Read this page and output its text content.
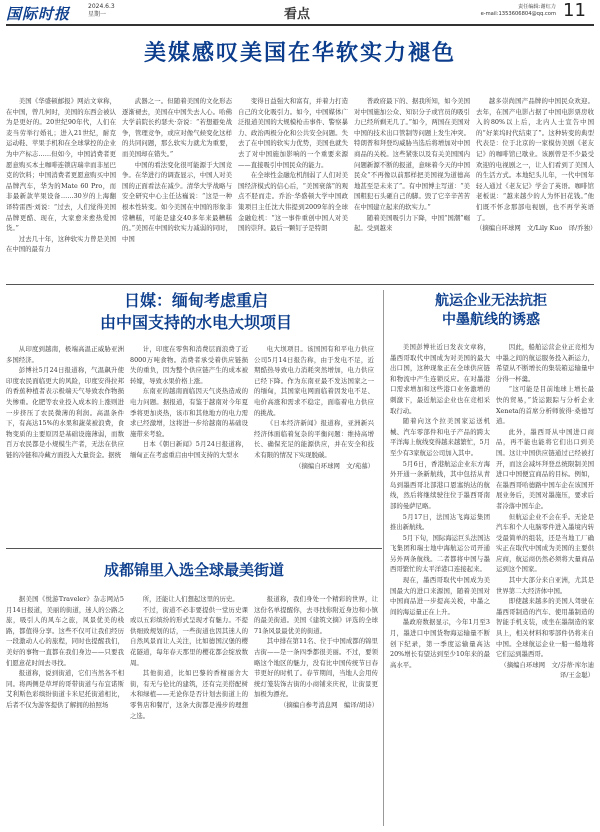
国际时报	2024.6.3
星期一	看点	责任编辑:谢红力
e-mail:1353606804@qq.com 11
美媒感叹美国在华软实力褪色

美国《华盛顿邮报》网站文章称，在中国，曾几何时，美国的东西会被认为是更好的。20世纪90年代，人们在麦当劳举行婚礼；进入21世纪，耐克运动鞋、苹果手机和在全球掌控的企业为中产标志……但如今，中国消费者更愿意购买本土咖啡连锁店瑞幸而非星巴克的饮料；中国消费者更愿意购买中国品牌汽车，华为的Mate 60 Pro，而非最新款苹果设备……30岁的上海翻译特雷西·刘说：“过去，人们觉得美国品牌更酷、现在，大家愈来愈热爱国货。”

过去几十年，这种软实力曾是美国在中国的最有力

武器之一。但随着美国的文化形态逐渐褪去，美国在中国失去人心。哈佛大学前院长约瑟夫·奈说：“若想避免战争，管理竞争，或应对像气候变化这样的共同问题，那么软实力就尤为重要，而美国却在错失。”

中国的看法变化很可能源于大国竞争。在华进行的调查显示，中国人对美国的正面看法在减少。清华大学战略与安全研究中心主任达巍说：“这是一种根本性转变。如今美国在中国的形象非常糟糕，可能是建交40多年来最糟糕的。”美国在中国的软实力减弱的同时，中国

变得日益强大和富有，并着力打造自己的文化吸引力。如今，中国媒体广泛报道美国的大规模枪击事件、警察暴力、政治两极分化和公共安全问题。失去了在中国的软实力优势，美国也就失去了对中国施加影响的一个重要来源——直接吸引中国民众的能力。

在全球性金融危机削弱了人们对美国经济模式的信心后，“美国衰落”的观点不胫而走。乔治·华盛顿大学中国政策项目主任沈大伟提到2009年的全球金融危机：“这一事件重创中国人对美国的崇拜。最后一颗钉子是特朗

普政府最下的、据我所知，如今美国对中国施加公众、知识分子或官员的吸引力已经所剩无几了。”如今，两国在美国对中国的技术出口管制等问题上发生冲突。特朗普和拜登均威胁当选后将增加对中国商品的关税。这些紧张以及有关美国国内问题新源不断的报道，意味着今天的中国民众“不再像以前那样把美国视为道德高地甚至是未来了”。有中国博主写道：“美国粗犯石头砸自己的脚。毁了它辛辛苦苦在中国建立起来的软实力。”

随着美国吸引力下降，中国“国潮”崛起。受到越来

越多崇尚国产品牌的中国民众欢迎。去年，在国产电影占据了中国电影票房收入的80%以上后，北内人士宣告中国的“好莱坞时代结束了”。这种转变的典型代表是：位于北京的一家模仿美剧《老友记》的咖啡馆已歇业。该剧曾是不少最受欢迎的电视剧之一，让人们看到了美国人的生活方式。本地纪头儿年，一代中国年轻人通过《老友记》学会了英语。咖啡馆老板说：“越来越少的人为怀旧花钱。”他们既不怀念那部电视剧，也不再学英语了。

（摘编自环球网　文/Lily Kuo　译/乔独）
日媒：缅甸考虑重启
由中国支持的水电大坝项目

从印度到越南，极端高温正威胁亚洲多国经济。

彭博社5月24日报道称，气温飙升使印度农民面临更大的风险，印度安得拉邦的香蕉种植者表示极端天气导致农作物损失惨重。化肥等农业投入成本的上涨则进一步挤压了农民微薄的利润。高温条件下，有高达15%的水果和蔬菜被浪费，食物变质的主要原因是基础设施薄弱，而数百万农民都是小规模生产者，无法在供应链的冷链和冷藏方面投入大量资金。据统

计，印度在零售和消费层面浪费了近8000万吨食物。消费者承受着供应链损失的重负，因为整个供应链产生的成本被转嫁，导致水果价格上涨。

东南亚的越南面临因天气炎热造成的电力问题。据报道，有鉴于越南对今年夏季将更加炎热，该市和其他地方的电力需求已经激增，这将进一步给越南的基础设施带来考验。

日本《朝日新闻》5月24日报道称，缅甸正在考虑重启由中国支持的大型水

电大坝项目。该国国有和平电力供应公司5月14日报告称，由于发电不足，近期酷热导致电力消耗突然增加，电力供应已经下降。作为东南亚最不发达国家之一的缅甸，其国家电网面临着因发电不足、电价高涨和需求不稳定，面临着电力供应的挑战。

《日本经济新闻》报道称，亚洲新兴经济体面临着复杂的平衡问题：维持高增长、确保充足的能源供应，并在安全和技术有限的情况下实现脱碳。

（摘编自环球网　文/苑慕）
航运企业无法抗拒
中墨航线的诱惑

美国彭博社近日发表文章称，墨西哥取代中国成为对美国的最大出口国，这种现象正在全球供应链和物流中产生连锁反应。在对墨港口需求增加和这些港口业务激增的刺激下，最近航运企业也在竞相采取行动。

随着向这个拉美国家运送机械、汽车零部件和电子产品的跨太平洋海上航线变得越来越繁忙，5月至少有3家航运公司加入其中。

5月6日，香港航运企业东方海外开通一条新航线，其中包括从青岛到墨西哥北部港口恩塞纳达的航线，然后将继续驶往位于墨西哥南部的曼萨尼略。

5月17日，法国达飞海运集团推出新航线。

5月下旬，国际海运巨头法国达飞集团和瑞士地中海航运公司开通另外两条航线。二者都将中国与墨西哥繁忙的太平洋港口连接起来。

现在，墨西哥取代中国成为美国最大的进口来源国，随着美国对中国商品进一步提高关税，中墨之间的海运量正在上升。

墨政府数据显示，今年1月至3月，墨进口中国货物海运输量不断创下纪录，第一季度运输量高达20%增长有望达到至少10年来的最高水平。

因此，船舶运营企业正竞相为中墨之间的航运服务投入新运力，希望从不断增长的集装箱运输量中分得一杯羹。

“这可能是目前地球上增长最快的贸易，”货运跟踪与分析企业Xeneta的首席分析师彼得·桑德写道。

此外，墨西哥从中国进口商品，再不能也能将它们出口到美国。这让中国供应链通过已经被打开，而这会减坏拜登总统限制美国进口中国便宜商品的目标。例如，在墨西哥哈德路中国车企在该国开展业务后，美国对墨施压，要求后者冷落中国车企。

但航运企业不会在乎。无论是汽车和个人电脑零件进入墨境内转受最简单的组装，还是当地工厂确实正在取代中国成为美国的主要供应商，航运商仍然必须将大量商品运到这个国家。

其中大部分来自亚洲，尤其是世界第二大经济体中国。

即使越来越多的美国人驾驶在墨西哥制造的汽车、使用墨制造的智能手机支装，或坐在墨制造的家具上，相关材料和零部件仍将来自中国。全球航运企业一船一船地将它们运到墨西哥。

（摘编自环球网　文/芬蒂·库尔迪　译/王金聪）
成都锦里入选全球最美街道

据美国《悦游Traveler》杂志网站5月14日报道，美丽的街道，迷人的公路之旅，吸引人的风车之旅，风景优美的栈路，都值得分享。这些不仅可让我们经历一段激动人心的旅程，同时也提醒我们，美好的事物一直都在我们身边——只要我们愿意花时间去寻找。

报道称，说到街道，它们当然各不相同。将两侧是草坪的哥带街道与布宜诺斯艾利斯色彩缤纷街道卡米尼托街道相比，后者不仅为游客提供了解拥的拍照场

所，还能让人们想起这里的历史。

不过，街道不必非要提供一堂历史课或以五彩缤纷的形式呈现才有魅力。不提供细致规划的话，一些街道也因其迷人的自然风景而让人关注，比如德国汉堡的樱花隧道，每年春天那里的樱花都会绽放数周。

其他街道，比如巴黎的香榭丽舍大街，有无与伦比的建筑，还有完美搭配树木和绿植——无论你是否计划去街道上的零售店和餐厅，这条大街都是漫步的理想之选。

报道称，我们身处一个精彩的世界，让这份名单提醒你，去寻找你附近身边和小镇的最美街道。美国《建筑文摘》评选的全球71条风景最优美的街道。

其中排在第11名、位于中国成都的锦里古街——是一条四季都很美丽。不过，要领略这个地区的魅力，没有比中国传统节日春节更好的时机了。春节期间，当地人会用传统灯笼装饰古街的小商铺来庆祝，让街景更加极为漂亮。

（摘编自参考消息网　编译/胡诗）
